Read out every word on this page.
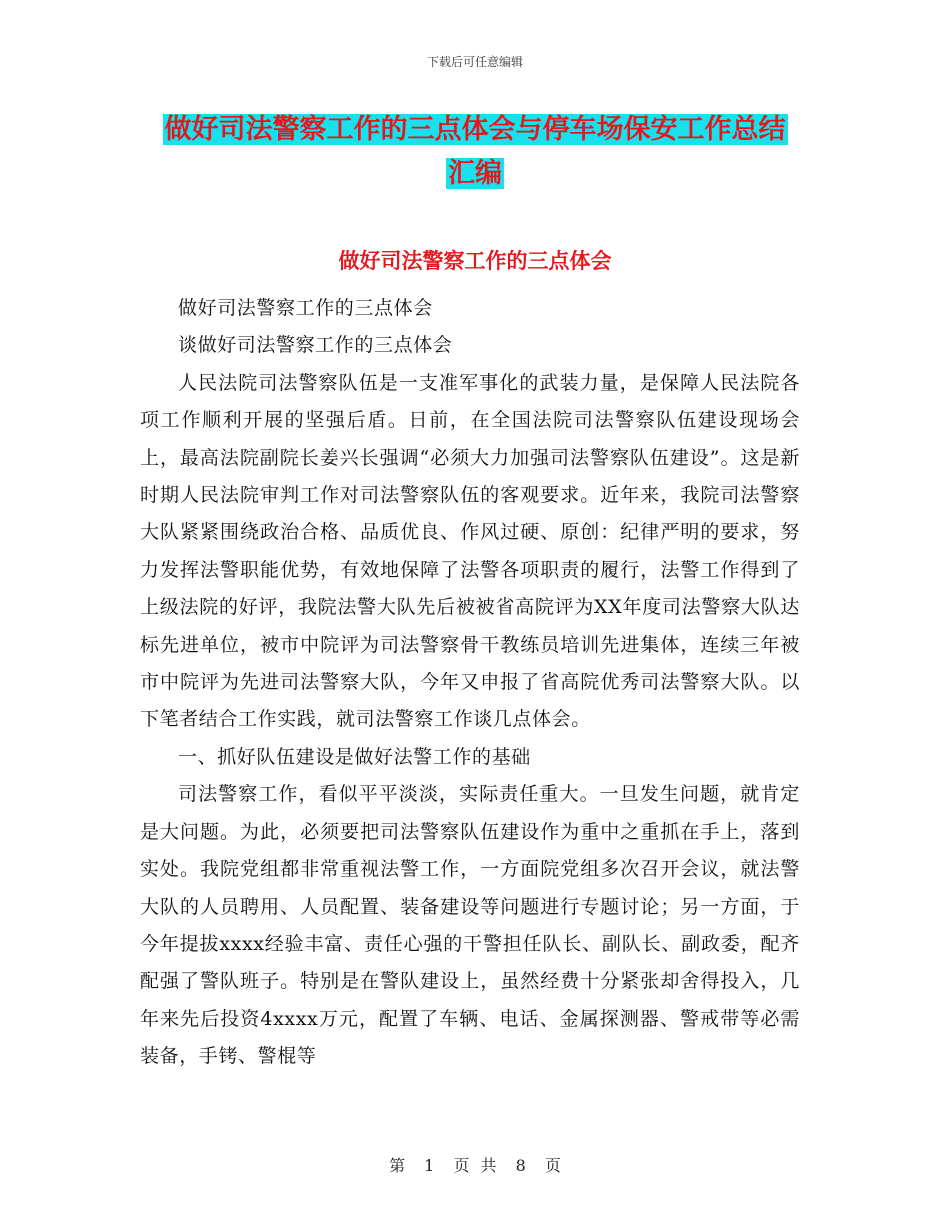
下载后可任意编辑
做好司法警察工作的三点体会与停车场保安工作总结
汇编
做好司法警察工作的三点体会

做好司法警察工作的三点体会

谈做好司法警察工作的三点体会

人民法院司法警察队伍是一支准军事化的武装力量，是保障人民法院各项工作顺利开展的坚强后盾。日前，在全国法院司法警察队伍建设现场会上，最高法院副院长姜兴长强调“必须大力加强司法警察队伍建设”。这是新时期人民法院审判工作对司法警察队伍的客观要求。近年来，我院司法警察大队紧紧围绕政治合格、品质优良、作风过硬、原创：纪律严明的要求，努力发挥法警职能优势，有效地保障了法警各项职责的履行，法警工作得到了上级法院的好评，我院法警大队先后被被省高院评为XX年度司法警察大队达标先进单位，被市中院评为司法警察骨干教练员培训先进集体，连续三年被市中院评为先进司法警察大队，今年又申报了省高院优秀司法警察大队。以下笔者结合工作实践，就司法警察工作谈几点体会。

一、抓好队伍建设是做好法警工作的基础

司法警察工作，看似平平淡淡，实际责任重大。一旦发生问题，就肯定是大问题。为此，必须要把司法警察队伍建设作为重中之重抓在手上，落到实处。我院党组都非常重视法警工作，一方面院党组多次召开会议，就法警大队的人员聘用、人员配置、装备建设等问题进行专题讨论；另一方面，于今年提拔xxxx经验丰富、责任心强的干警担任队长、副队长、副政委，配齐配强了警队班子。特别是在警队建设上，虽然经费十分紧张却舍得投入，几年来先后投资4xxxx万元，配置了车辆、电话、金属探测器、警戒带等必需装备，手铐、警棍等

第 1 页 共 8 页
